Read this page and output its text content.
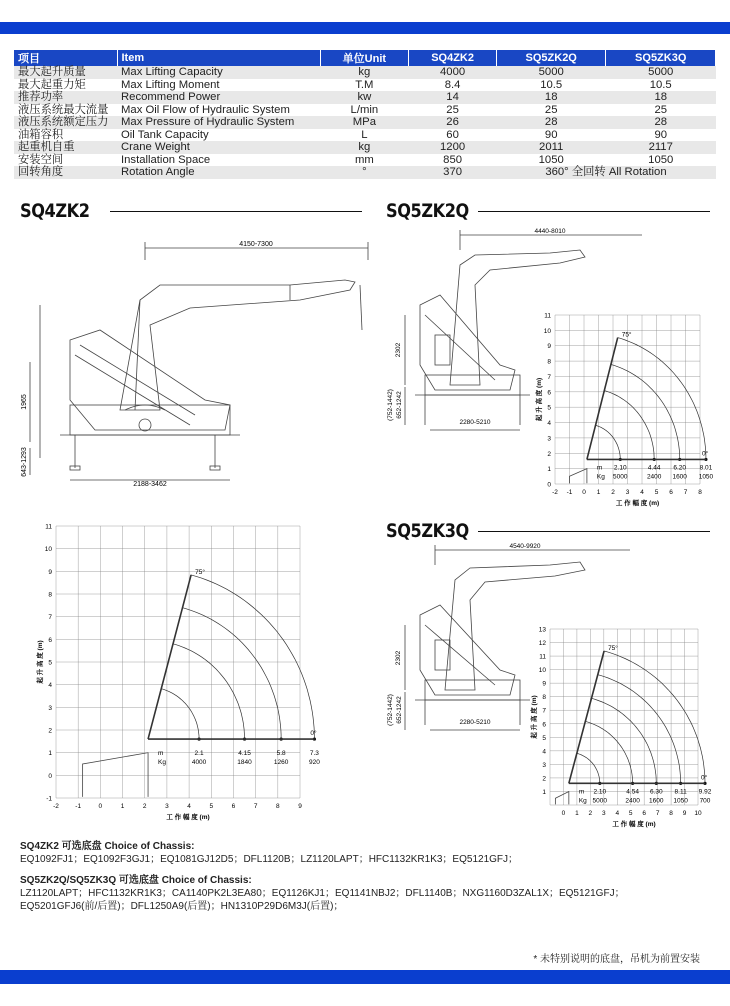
项目	Item	单位Unit	SQ4ZK2	SQ5ZK2Q	SQ5ZK3Q
最大起升质量	Max Lifting Capacity	kg	4000	5000	5000
最大起重力矩	Max Lifting Moment	T.M	8.4	10.5	10.5
推荐功率	Recommend Power	kw	14	18	18
液压系统最大流量	Max Oil Flow of Hydraulic System	L/min	25	25	25
液压系统额定压力	Max Pressure of Hydraulic System	MPa	26	28	28
油箱容积	Oil Tank Capacity	L	60	90	90
起重机自重	Crane Weight	kg	1200	2011	2117
安装空间	Installation Space	mm	850	1050	1050
回转角度	Rotation Angle	°	370	360° 全回转 All Rotation	
SQ4ZK2	SQ5ZK2Q
SQ5ZK3Q
4150-7300
1965
643-1293
2188-3462
4440-8010
2302
(752-1442) 652-1242
2280-5210
4540-9920
2302
(752-1442) 652-1242	2280-5210
-2	-1	0	1	2	3	4	5	6	7	8	9
-1
0
1
2
3
4
5
6
7
8
9
10
11
工 作 幅 度 (m)
起 升 高 度 (m)
75°
0°
m
Kg
2.1
4000
4.15
1840
5.8
1260
7.3
920
-2 -1 0 1 2 3 4 5 6 7 8
0
1
2
3
4
5
6
7
8
9
10
11
工 作 幅 度 (m)
起 升 高 度 (m)
75°
0°
m
Kg
2.10
5000
4.44
2400
6.20
1600
8.01
1050
0 1 2 3 4 5 6 7 8 9 10
1
2
3
4
5
6
7
8
9
10
11
12
13
工 作 幅 度 (m)
起 升 高 度 (m)
75°
0°
m
Kg
2.10
5000
4.54
2400
6.30
1600
8.11
1050
9.92
700
SQ4ZK2 可选底盘 Choice of Chassis:
EQ1092FJ1；EQ1092F3GJ1；EQ1081GJ12D5；DFL1120B；LZ1120LAPT；HFC1132KR1K3；EQ5121GFJ；
SQ5ZK2Q/SQ5ZK3Q 可选底盘 Choice of Chassis:
LZ1120LAPT；HFC1132KR1K3；CA1140PK2L3EA80；EQ1126KJ1；EQ1141NBJ2；DFL1140B；NXG1160D3ZAL1X；EQ5121GFJ；
EQ5201GFJ6(前/后置)；DFL1250A9(后置)；HN1310P29D6M3J(后置)；
* 未特别说明的底盘，吊机为前置安装
